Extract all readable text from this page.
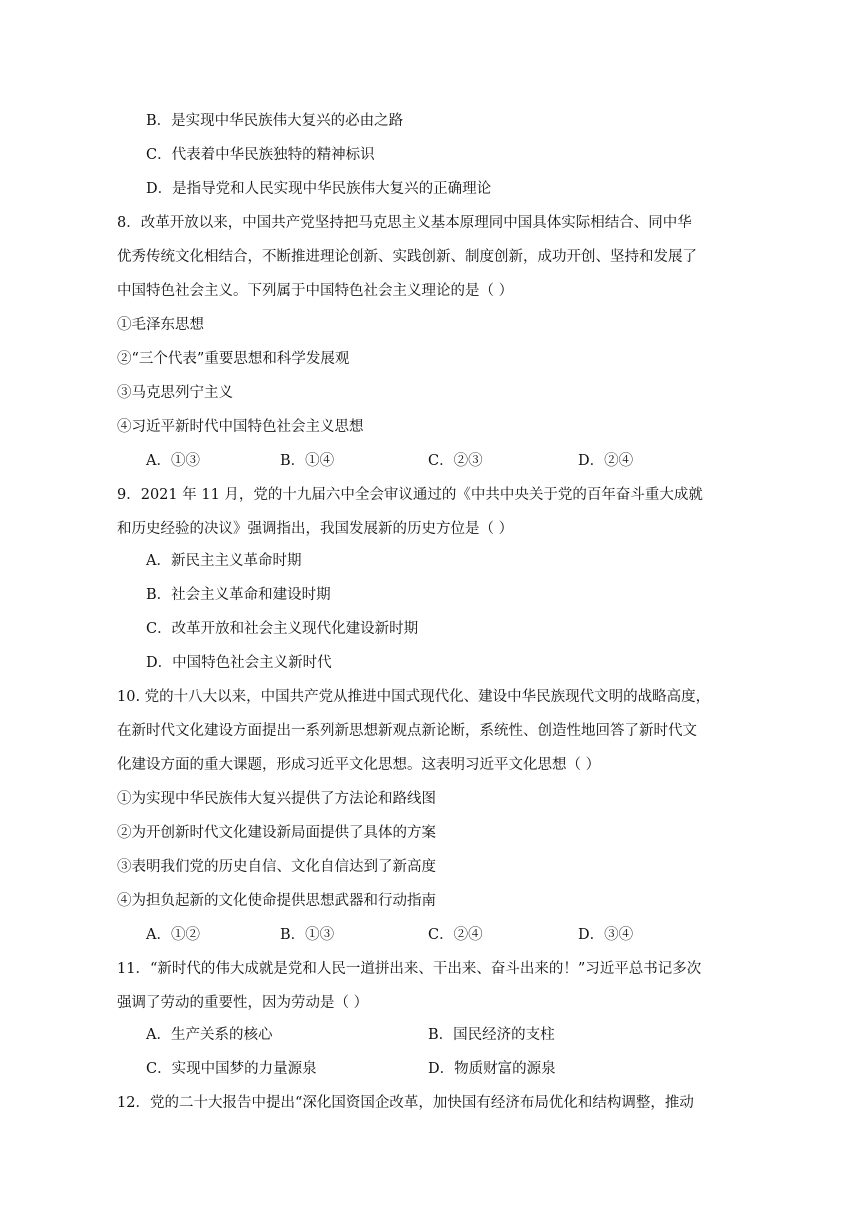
B．是实现中华民族伟大复兴的必由之路
C．代表着中华民族独特的精神标识
D．是指导党和人民实现中华民族伟大复兴的正确理论
8．改革开放以来，中国共产党坚持把马克思主义基本原理同中国具体实际相结合、同中华
优秀传统文化相结合，不断推进理论创新、实践创新、制度创新，成功开创、坚持和发展了
中国特色社会主义。下列属于中国特色社会主义理论的是（ ）
①毛泽东思想
②“三个代表”重要思想和科学发展观
③马克思列宁主义
④习近平新时代中国特色社会主义思想
A．①③	B．①④	C．②③	D．②④
9．2021 年 11 月，党的十九届六中全会审议通过的《中共中央关于党的百年奋斗重大成就
和历史经验的决议》强调指出，我国发展新的历史方位是（ ）
A．新民主主义革命时期
B．社会主义革命和建设时期
C．改革开放和社会主义现代化建设新时期
D．中国特色社会主义新时代
10. 党的十八大以来，中国共产党从推进中国式现代化、建设中华民族现代文明的战略高度，
在新时代文化建设方面提出一系列新思想新观点新论断，系统性、创造性地回答了新时代文
化建设方面的重大课题，形成习近平文化思想。这表明习近平文化思想（ ）
①为实现中华民族伟大复兴提供了方法论和路线图
②为开创新时代文化建设新局面提供了具体的方案
③表明我们党的历史自信、文化自信达到了新高度
④为担负起新的文化使命提供思想武器和行动指南
A．①②	B．①③	C．②④	D．③④
11．“新时代的伟大成就是党和人民一道拼出来、干出来、奋斗出来的！”习近平总书记多次
强调了劳动的重要性，因为劳动是（ ）
A．生产关系的核心	B．国民经济的支柱
C．实现中国梦的力量源泉	D．物质财富的源泉
12．党的二十大报告中提出“深化国资国企改革，加快国有经济布局优化和结构调整，推动
